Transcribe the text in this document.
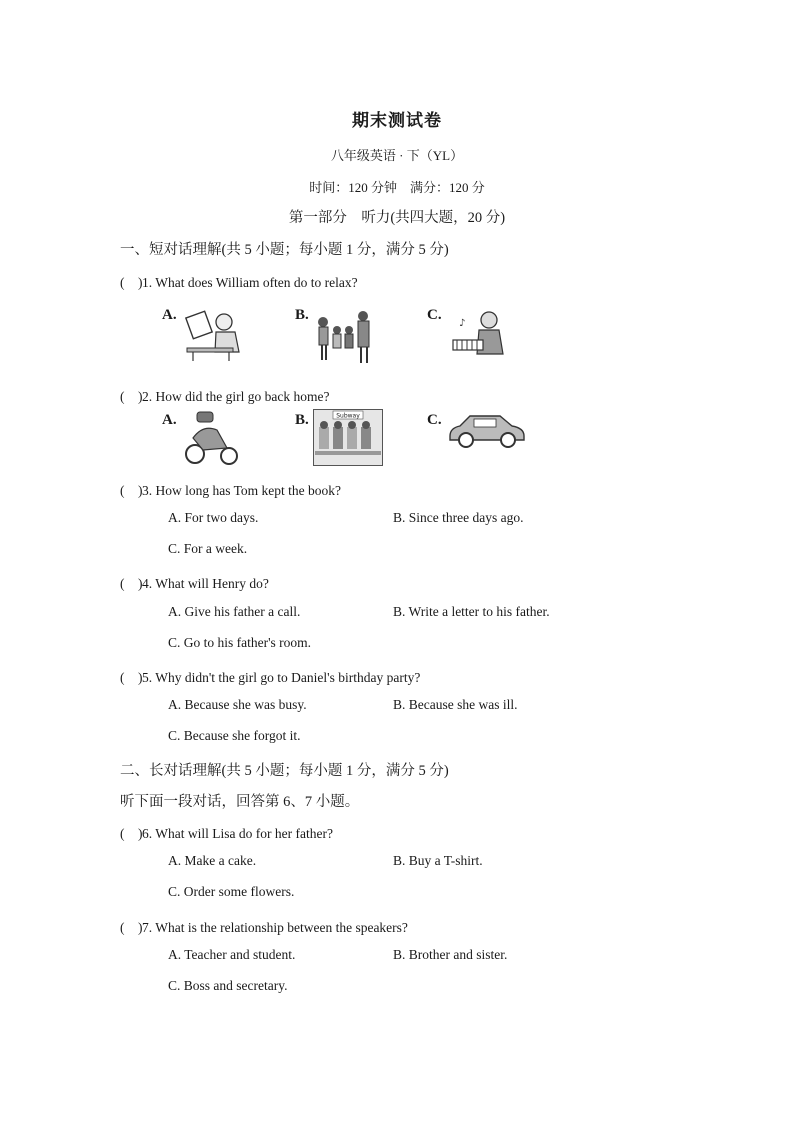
期末测试卷
八年级英语 · 下（YL）
时间：120 分钟　满分：120 分
第一部分　听力(共四大题，20 分)
一、短对话理解(共 5 小题；每小题 1 分，满分 5 分)
(　)1. What does William often do to relax?
A.	B.	C.
♪
(　)2. How did the girl go back home?
A.	B.	C.
Subway
(　)3. How long has Tom kept the book?
A. For two days.	B. Since three days ago.
C. For a week.
(　)4. What will Henry do?
A. Give his father a call.	B. Write a letter to his father.
C. Go to his father's room.
(　)5. Why didn't the girl go to Daniel's birthday party?
A. Because she was busy.	B. Because she was ill.
C. Because she forgot it.
二、长对话理解(共 5 小题；每小题 1 分，满分 5 分)
听下面一段对话，回答第 6、7 小题。
(　)6. What will Lisa do for her father?
A. Make a cake.	B. Buy a T-shirt.
C. Order some flowers.
(　)7. What is the relationship between the speakers?
A. Teacher and student.	B. Brother and sister.
C. Boss and secretary.
